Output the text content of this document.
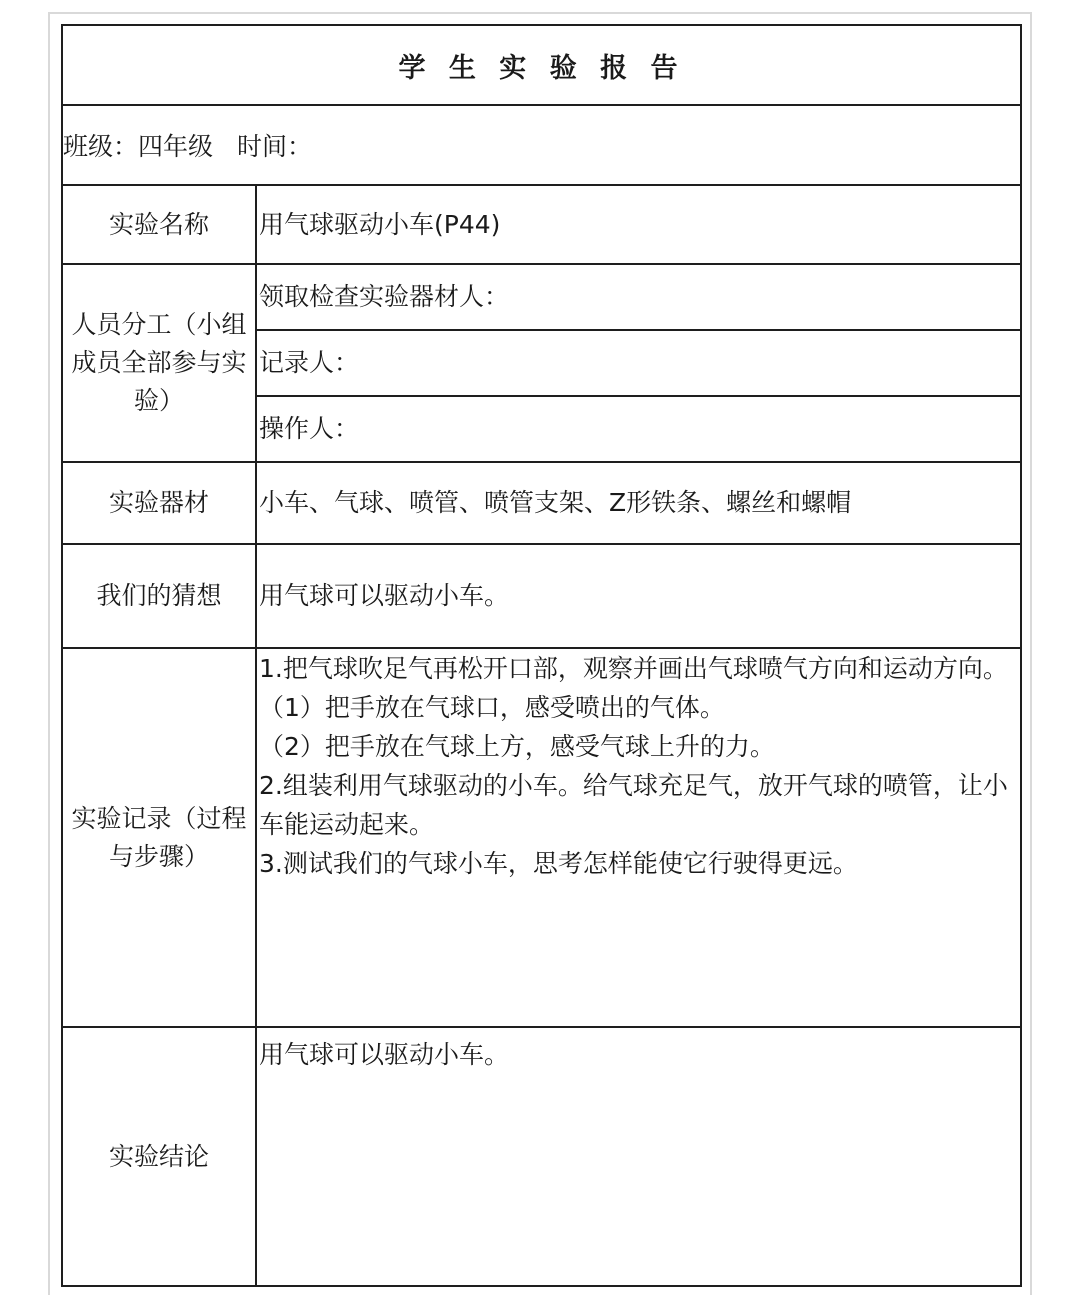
学 生 实 验 报 告	
班级：四年级 时间：	
实验名称	用气球驱动小车(P44)
人员分工（小组成员全部参与实验）	领取检查实验器材人：
	记录人：
	操作人：
实验器材	小车、气球、喷管、喷管支架、Z形铁条、螺丝和螺帽
我们的猜想	用气球可以驱动小车。
实验记录（过程与步骤）	1.把气球吹足气再松开口部，观察并画出气球喷气方向和运动方向。
（1）把手放在气球口，感受喷出的气体。
（2）把手放在气球上方，感受气球上升的力。
2.组装利用气球驱动的小车。给气球充足气，放开气球的喷管，让小车能运动起来。
3.测试我们的气球小车，思考怎样能使它行驶得更远。

实验结论	用气球可以驱动小车。
